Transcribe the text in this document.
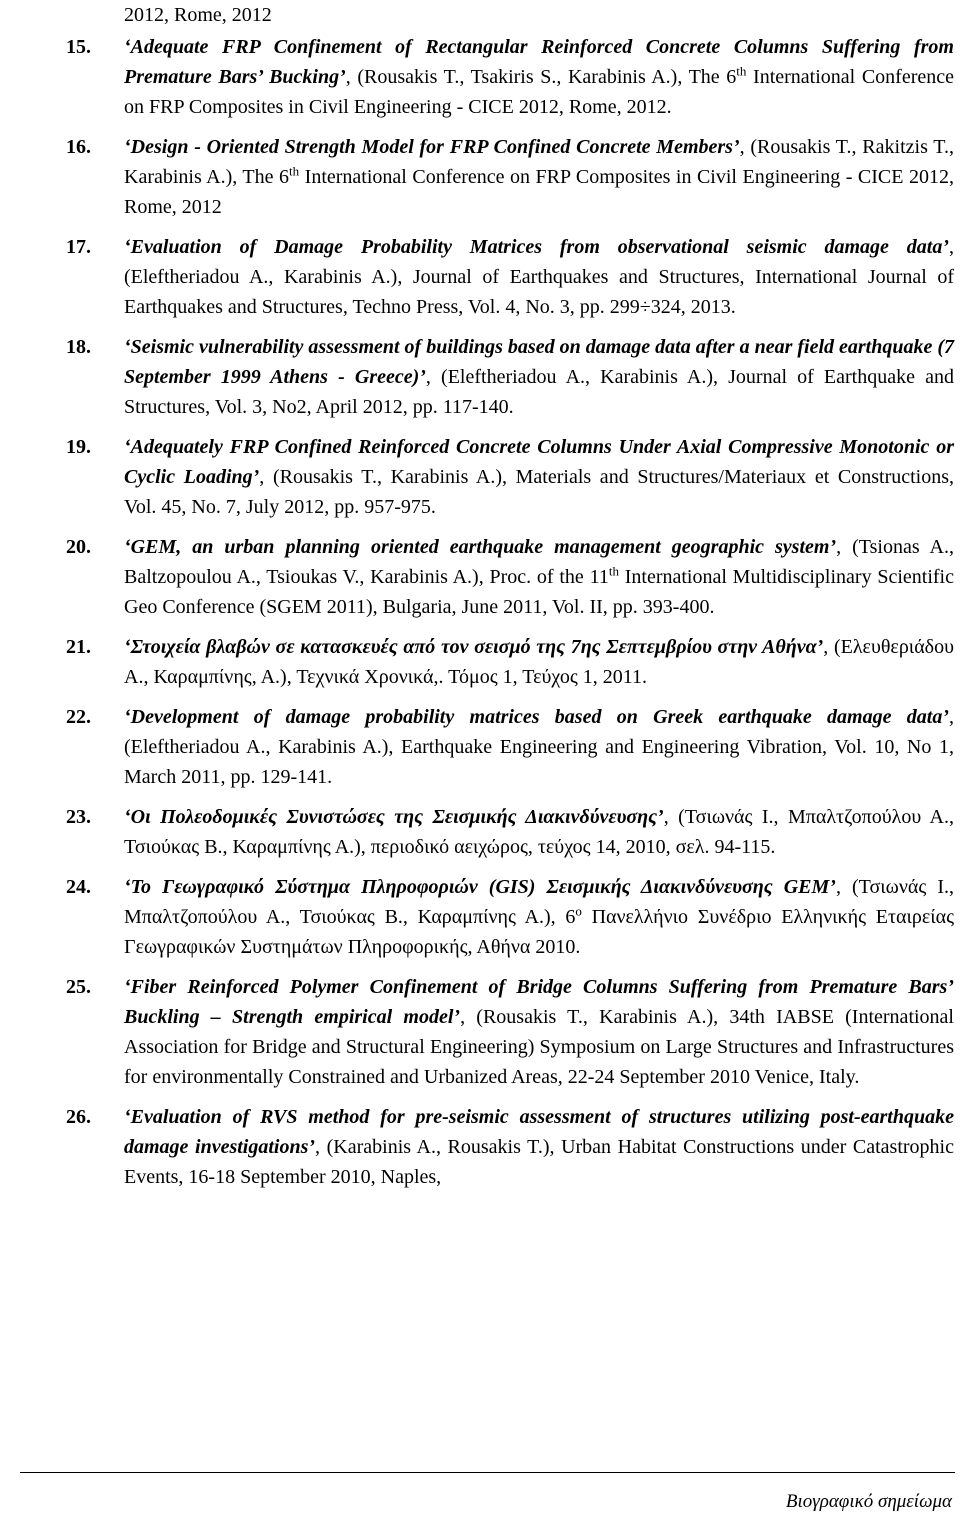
2012, Rome, 2012
15. ‘Adequate FRP Confinement of Rectangular Reinforced Concrete Columns Suffering from Premature Bars’ Bucking’, (Rousakis T., Tsakiris S., Karabinis A.), The 6th International Conference on FRP Composites in Civil Engineering - CICE 2012, Rome, 2012.
16. ‘Design - Oriented Strength Model for FRP Confined Concrete Members’, (Rousakis T., Rakitzis T., Karabinis A.), The 6th International Conference on FRP Composites in Civil Engineering - CICE 2012, Rome, 2012
17. ‘Evaluation of Damage Probability Matrices from observational seismic damage data’, (Eleftheriadou A., Karabinis A.), Journal of Earthquakes and Structures, International Journal of Earthquakes and Structures, Techno Press, Vol. 4, No. 3, pp. 299÷324, 2013.
18. ‘Seismic vulnerability assessment of buildings based on damage data after a near field earthquake (7 September 1999 Athens - Greece)’, (Eleftheriadou A., Karabinis A.), Journal of Earthquake and Structures, Vol. 3, No2, April 2012, pp. 117-140.
19. ‘Adequately FRP Confined Reinforced Concrete Columns Under Axial Compressive Monotonic or Cyclic Loading’, (Rousakis T., Karabinis A.), Materials and Structures/Materiaux et Constructions, Vol. 45, No. 7, July 2012, pp. 957-975.
20. ‘GEM, an urban planning oriented earthquake management geographic system’, (Tsionas A., Baltzopoulou A., Tsioukas V., Karabinis A.), Proc. of the 11th International Multidisciplinary Scientific Geo Conference (SGEM 2011), Bulgaria, June 2011, Vol. II, pp. 393-400.
21. ‘Στοιχεία βλαβών σε κατασκευές από τον σεισμό της 7ης Σεπτεμβρίου στην Αθήνα’, (Ελευθεριάδου Α., Καραμπίνης, Α.), Τεχνικά Χρονικά,. Τόμος 1, Τεύχος 1, 2011.
22. ‘Development of damage probability matrices based on Greek earthquake damage data’, (Eleftheriadou A., Karabinis A.), Earthquake Engineering and Engineering Vibration, Vol. 10, No 1, March 2011, pp. 129-141.
23. ‘Οι Πολεοδομικές Συνιστώσες της Σεισμικής Διακινδύνευσης’, (Τσιωνάς Ι., Μπαλτζοπούλου Α., Τσιούκας Β., Καραμπίνης Α.), περιοδικό αειχώρος, τεύχος 14, 2010, σελ. 94-115.
24. ‘Το Γεωγραφικό Σύστημα Πληροφοριών (GIS) Σεισμικής Διακινδύνευσης GEM’, (Τσιωνάς Ι., Μπαλτζοπούλου Α., Τσιούκας Β., Καραμπίνης Α.), $6^o$ Πανελλήνιο Συνέδριο Ελληνικής Εταιρείας Γεωγραφικών Συστημάτων Πληροφορικής, Αθήνα 2010.
25. ‘Fiber Reinforced Polymer Confinement of Bridge Columns Suffering from Premature Bars’ Buckling – Strength empirical model’, (Rousakis T., Karabinis A.), 34th IABSE (International Association for Bridge and Structural Engineering) Symposium on Large Structures and Infrastructures for environmentally Constrained and Urbanized Areas, 22-24 September 2010 Venice, Italy.
26. ‘Evaluation of RVS method for pre-seismic assessment of structures utilizing post-earthquake damage investigations’, (Karabinis A., Rousakis T.), Urban Habitat Constructions under Catastrophic Events, 16-18 September 2010, Naples,
Βιογραφικό σημείωμα
